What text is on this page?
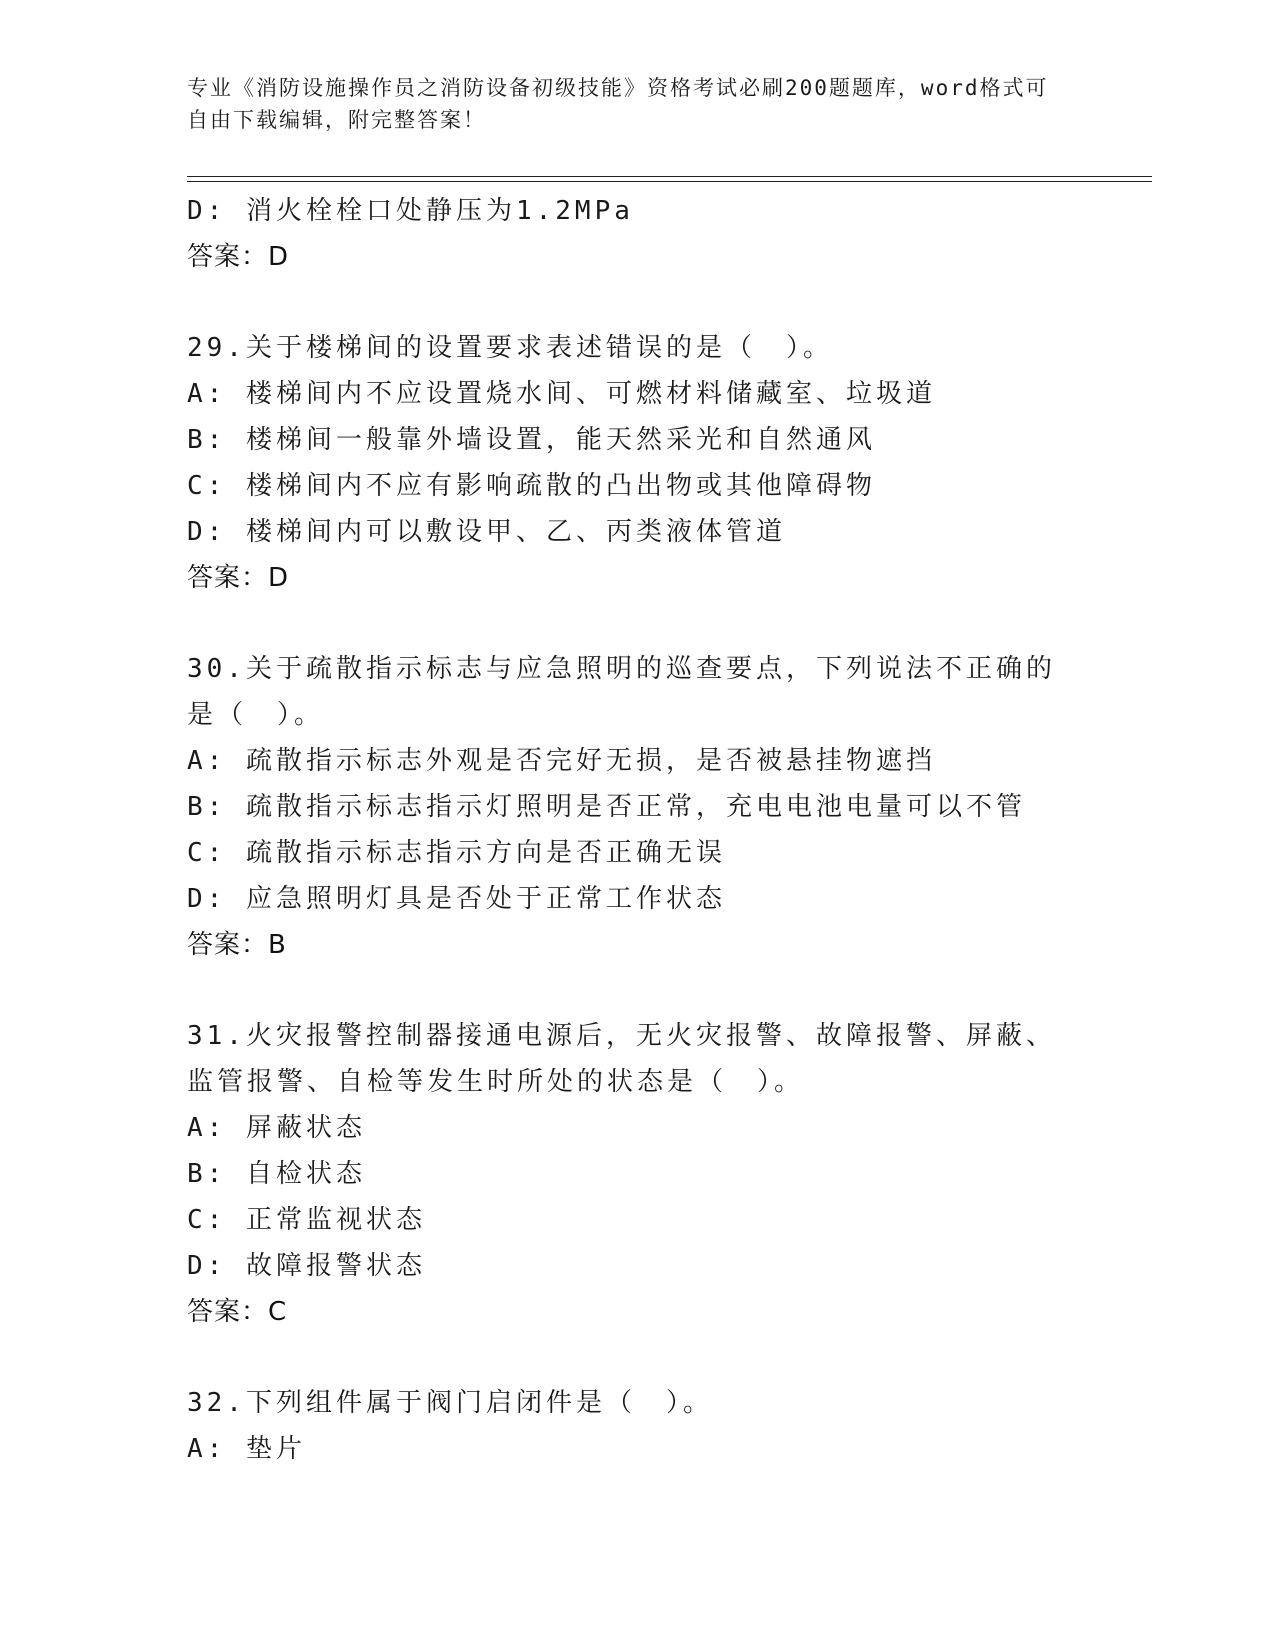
专业《消防设施操作员之消防设备初级技能》资格考试必刷200题题库，word格式可自由下载编辑，附完整答案！
D: 消火栓栓口处静压为1.2MPa
答案：D
29.关于楼梯间的设置要求表述错误的是（　）。
A: 楼梯间内不应设置烧水间、可燃材料储藏室、垃圾道
B: 楼梯间一般靠外墙设置，能天然采光和自然通风
C: 楼梯间内不应有影响疏散的凸出物或其他障碍物
D: 楼梯间内可以敷设甲、乙、丙类液体管道
答案：D
30.关于疏散指示标志与应急照明的巡查要点，下列说法不正确的是（　）。
A: 疏散指示标志外观是否完好无损，是否被悬挂物遮挡
B: 疏散指示标志指示灯照明是否正常，充电电池电量可以不管
C: 疏散指示标志指示方向是否正确无误
D: 应急照明灯具是否处于正常工作状态
答案：B
31.火灾报警控制器接通电源后，无火灾报警、故障报警、屏蔽、监管报警、自检等发生时所处的状态是（　）。
A: 屏蔽状态
B: 自检状态
C: 正常监视状态
D: 故障报警状态
答案：C
32.下列组件属于阀门启闭件是（　）。
A: 垫片
